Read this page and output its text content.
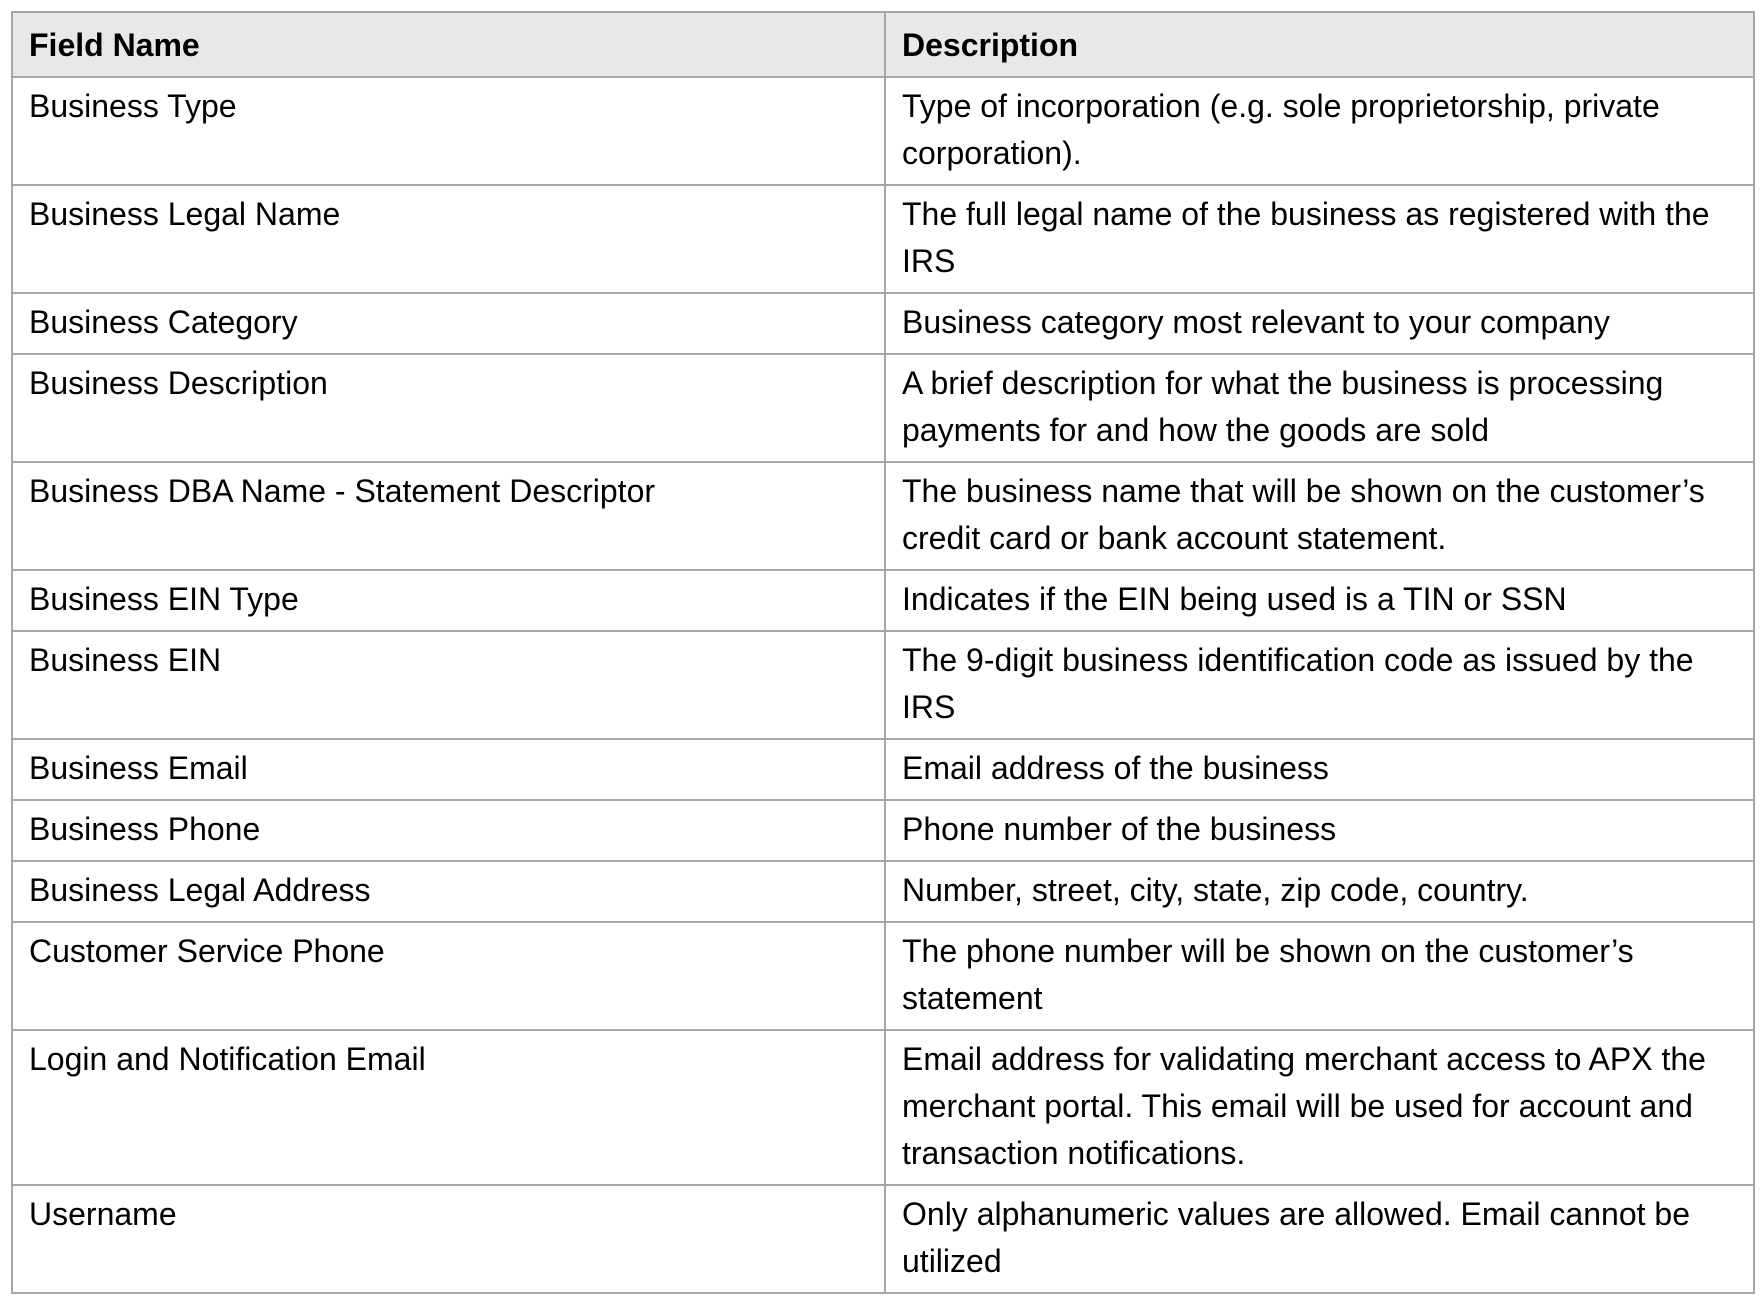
Field Name	Description
Business Type	Type of incorporation (e.g. sole proprietorship, private corporation).
Business Legal Name	The full legal name of the business as registered with the IRS
Business Category	Business category most relevant to your company
Business Description	A brief description for what the business is processing payments for and how the goods are sold
Business DBA Name - Statement Descriptor	The business name that will be shown on the customer’s credit card or bank account statement.
Business EIN Type	Indicates if the EIN being used is a TIN or SSN
Business EIN	The 9-digit business identification code as issued by the IRS
Business Email	Email address of the business
Business Phone	Phone number of the business
Business Legal Address	Number, street, city, state, zip code, country.
Customer Service Phone	The phone number will be shown on the customer’s statement
Login and Notification Email	Email address for validating merchant access to APX the merchant portal. This email will be used for account and transaction notifications.
Username	Only alphanumeric values are allowed. Email cannot be utilized
